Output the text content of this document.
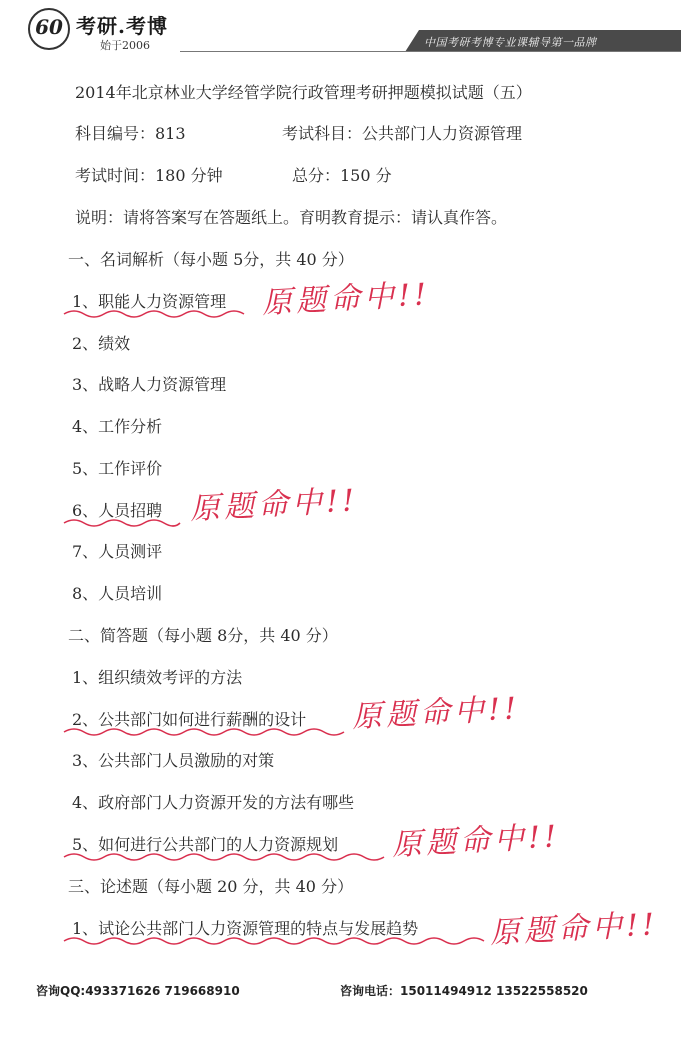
60 考研.考博
始于2006	中国考研考博专业课辅导第一品牌
2014年北京林业大学经管学院行政管理考研押题模拟试题（五）
科目编号：813	考试科目：公共部门人力资源管理
考试时间：180 分钟	总分：150 分
说明：请将答案写在答题纸上。育明教育提示：请认真作答。
一、名词解析（每小题 5分，共 40 分）
1、职能人力资源管理
2、绩效
3、战略人力资源管理
4、工作分析
5、工作评价
6、人员招聘
7、人员测评
8、人员培训
二、简答题（每小题 8分，共 40 分）
1、组织绩效考评的方法
2、公共部门如何进行薪酬的设计
3、公共部门人员激励的对策
4、政府部门人力资源开发的方法有哪些
5、如何进行公共部门的人力资源规划
三、论述题（每小题 20 分，共 40 分）
1、试论公共部门人力资源管理的特点与发展趋势
原题命中!!
原题命中!!
原题命中!!
原题命中!!
原题命中!!
咨询QQ:493371626 719668910	咨询电话：15011494912 13522558520
